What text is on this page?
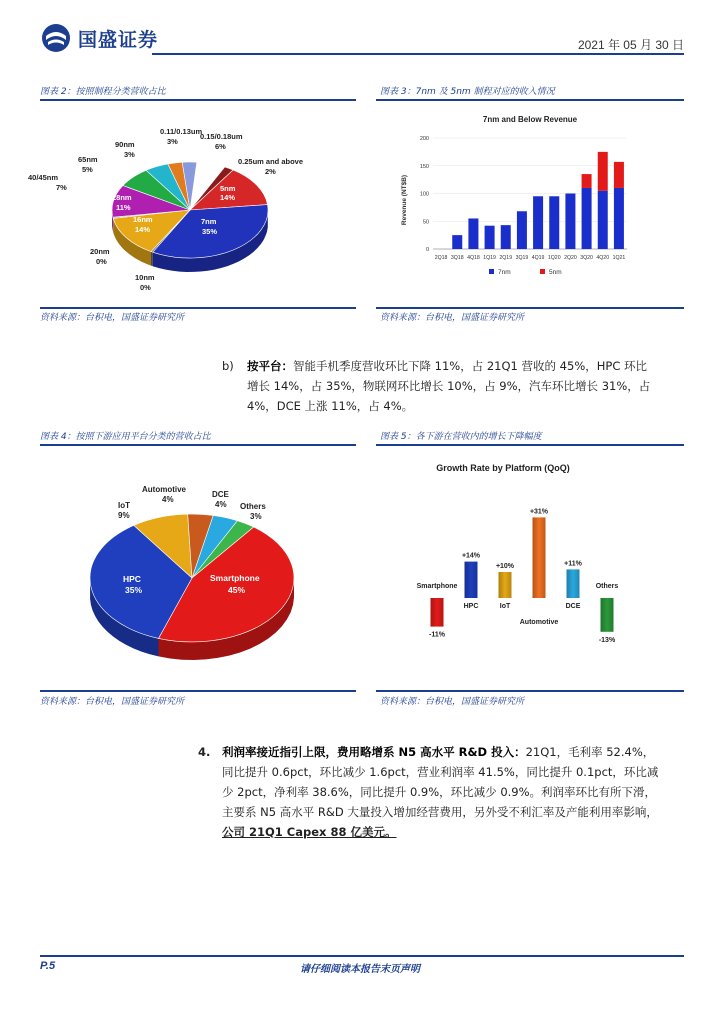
国盛证券	2021 年 05 月 30 日
图表 2：按照制程分类营收占比	图表 3：7nm 及 5nm 制程对应的收入情况
0.11/0.13um
3%
0.15/0.18um
6%
0.25um and above
2%
90nm
3%
65nm
5%
40/45nm
7%
20nm
0%
10nm
0%
5nm
14%
7nm
35%
16nm
14%
28nm
11%
7nm and Below Revenue
Revenue (NT$B)
0
50
100
150
200
2Q18 3Q18 4Q18 1Q19 2Q19 3Q19 4Q19 1Q20 2Q20 3Q20 4Q20 1Q21
7nm	5nm
资料来源：台积电，国盛证券研究所	资料来源：台积电，国盛证券研究所
b) 按平台：智能手机季度营收环比下降 11%，占 21Q1 营收的 45%，HPC 环比
增长 14%，占 35%，物联网环比增长 10%，占 9%，汽车环比增长 31%，占
4%，DCE 上涨 11%，占 4%。
图表 4：按照下游应用平台分类的营收占比	图表 5：各下游在营收内的增长下降幅度
Automotive
4%
IoT
9%
DCE
4% Others
3%
HPC
35%
Smartphone
45%
Growth Rate by Platform (QoQ)
-11%
Smartphone
+14%
HPC
+10%
IoT
+31%
Automotive
+11%
DCE
-13%
Others
资料来源：台积电，国盛证券研究所	资料来源：台积电，国盛证券研究所
4. 利润率接近指引上限，费用略增系 N5 高水平 R&D 投入：21Q1，毛利率 52.4%，
同比提升 0.6pct，环比减少 1.6pct，营业利润率 41.5%，同比提升 0.1pct，环比减
少 2pct，净利率 38.6%，同比提升 0.9%，环比减少 0.9%。利润率环比有所下滑，
主要系 N5 高水平 R&D 大量投入增加经营费用，另外受不利汇率及产能利用率影响，
公司 21Q1 Capex 88 亿美元。
P.5	请仔细阅读本报告末页声明
